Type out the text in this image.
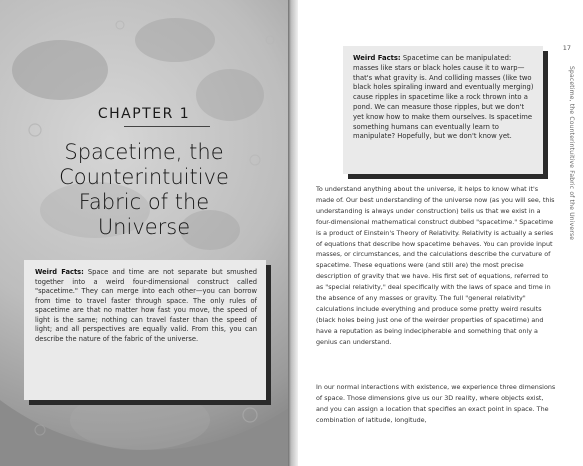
CHAPTER 1
Spacetime, the
Counterintuitive
Fabric of the
Universe
Weird Facts: Space and time are not separate but smushed together into a weird four-dimensional construct called "spacetime." They can merge into each other—you can borrow from time to travel faster through space. The only rules of spacetime are that no matter how fast you move, the speed of light is the same; nothing can travel faster than the speed of light; and all perspectives are equally valid. From this, you can describe the nature of the fabric of the universe.
17
Spacetime, the Counterintuitive Fabric of the Universe
Weird Facts: Spacetime can be manipulated: masses like stars or black holes cause it to warp—that's what gravity is. And colliding masses (like two black holes spiraling inward and eventually merging) cause ripples in spacetime like a rock thrown into a pond. We can measure those ripples, but we don't yet know how to make them ourselves. Is spacetime something humans can eventually learn to manipulate? Hopefully, but we don't know yet.
To understand anything about the universe, it helps to know what it's made of. Our best understanding of the universe now (as you will see, this understanding is always under construction) tells us that we exist in a four-dimensional mathematical construct dubbed "spacetime." Spacetime is a product of Einstein's Theory of Relativity. Relativity is actually a series of equations that describe how spacetime behaves. You can provide input masses, or circumstances, and the calculations describe the curvature of spacetime. These equations were (and still are) the most precise description of gravity that we have. His first set of equations, referred to as "special relativity," deal specifically with the laws of space and time in the absence of any masses or gravity. The full "general relativity" calculations include everything and produce some pretty weird results (black holes being just one of the weirder properties of spacetime) and have a reputation as being indecipherable and something that only a genius can understand.
In our normal interactions with existence, we experience three dimensions of space. Those dimensions give us our 3D reality, where objects exist, and you can assign a location that specifies an exact point in space. The combination of latitude, longitude,
